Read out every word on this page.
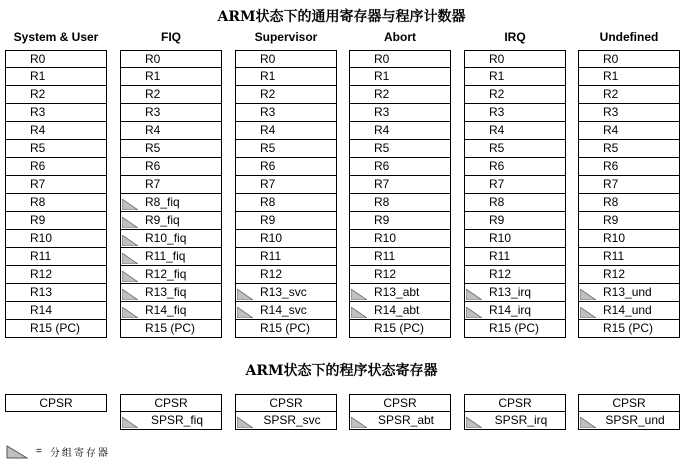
ARM状态下的通用寄存器与程序计数器
ARM状态下的程序状态寄存器
System & User
R0
R1
R2
R3
R4
R5
R6
R7
R8
R9
R10
R11
R12
R13
R14
R15 (PC)
CPSR
FIQ
R0
R1
R2
R3
R4
R5
R6
R7
R8_fiq
R9_fiq
R10_fiq
R11_fiq
R12_fiq
R13_fiq
R14_fiq
R15 (PC)
CPSR
SPSR_fiq
Supervisor
R0
R1
R2
R3
R4
R5
R6
R7
R8
R9
R10
R11
R12
R13_svc
R14_svc
R15 (PC)
CPSR
SPSR_svc
Abort
R0
R1
R2
R3
R4
R5
R6
R7
R8
R9
R10
R11
R12
R13_abt
R14_abt
R15 (PC)
CPSR
SPSR_abt
IRQ
R0
R1
R2
R3
R4
R5
R6
R7
R8
R9
R10
R11
R12
R13_irq
R14_irq
R15 (PC)
CPSR
SPSR_irq
Undefined
R0
R1
R2
R3
R4
R5
R6
R7
R8
R9
R10
R11
R12
R13_und
R14_und
R15 (PC)
CPSR
SPSR_und
= 分组寄存器
